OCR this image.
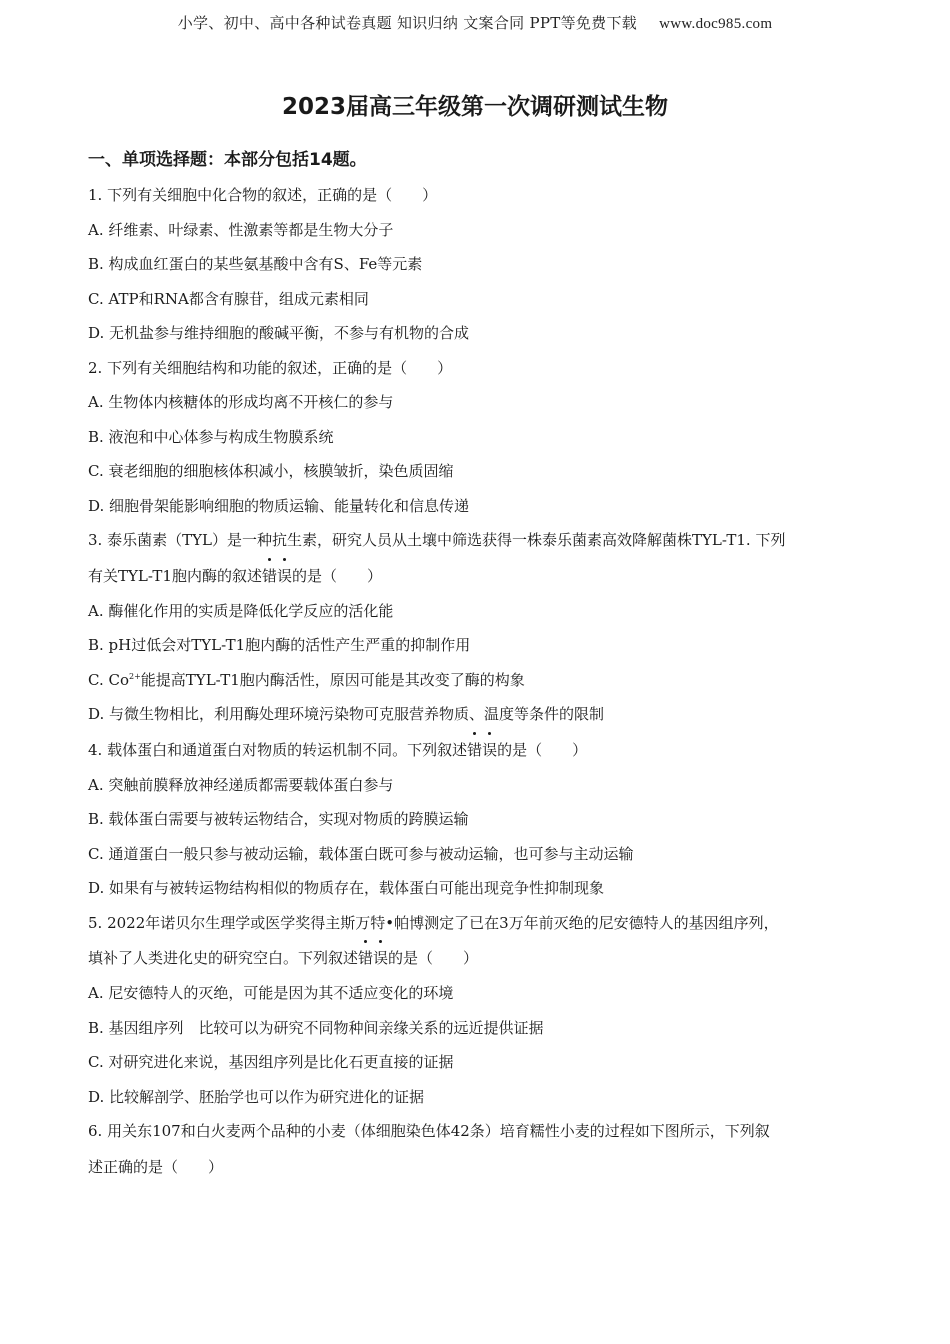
小学、初中、高中各种试卷真题 知识归纳 文案合同 PPT等免费下载 www.doc985.com
2023届高三年级第一次调研测试生物
一、单项选择题：本部分包括14题。
1. 下列有关细胞中化合物的叙述，正确的是（　　）
A. 纤维素、叶绿素、性激素等都是生物大分子
B. 构成血红蛋白的某些氨基酸中含有S、Fe等元素
C. ATP和RNA都含有腺苷，组成元素相同
D. 无机盐参与维持细胞的酸碱平衡，不参与有机物的合成
2. 下列有关细胞结构和功能的叙述，正确的是（　　）
A. 生物体内核糖体的形成均离不开核仁的参与
B. 液泡和中心体参与构成生物膜系统
C. 衰老细胞的细胞核体积减小，核膜皱折，染色质固缩
D. 细胞骨架能影响细胞的物质运输、能量转化和信息传递
3. 泰乐菌素（TYL）是一种抗生素，研究人员从土壤中筛选获得一株泰乐菌素高效降解菌株TYL-T1. 下列
有关TYL-T1胞内酶的叙述错误的是（　　）
A. 酶催化作用的实质是降低化学反应的活化能
B. pH过低会对TYL-T1胞内酶的活性产生严重的抑制作用
C. $Co^{2+}$能提高TYL-T1胞内酶活性，原因可能是其改变了酶的构象
D. 与微生物相比，利用酶处理环境污染物可克服营养物质、温度等条件的限制
4. 载体蛋白和通道蛋白对物质的转运机制不同。下列叙述错误的是（　　）
A. 突触前膜释放神经递质都需要载体蛋白参与
B. 载体蛋白需要与被转运物结合，实现对物质的跨膜运输
C. 通道蛋白一般只参与被动运输，载体蛋白既可参与被动运输，也可参与主动运输
D. 如果有与被转运物结构相似的物质存在，载体蛋白可能出现竞争性抑制现象
5. 2022年诺贝尔生理学或医学奖得主斯万特•帕博测定了已在3万年前灭绝的尼安德特人的基因组序列，
填补了人类进化史的研究空白。下列叙述错误的是（　　）
A. 尼安德特人的灭绝，可能是因为其不适应变化的环境
B. 基因组序列　比较可以为研究不同物种间亲缘关系的远近提供证据
C. 对研究进化来说，基因组序列是比化石更直接的证据
D. 比较解剖学、胚胎学也可以作为研究进化的证据
6. 用关东107和白火麦两个品种的小麦（体细胞染色体42条）培育糯性小麦的过程如下图所示，下列叙
述正确的是（　　）
